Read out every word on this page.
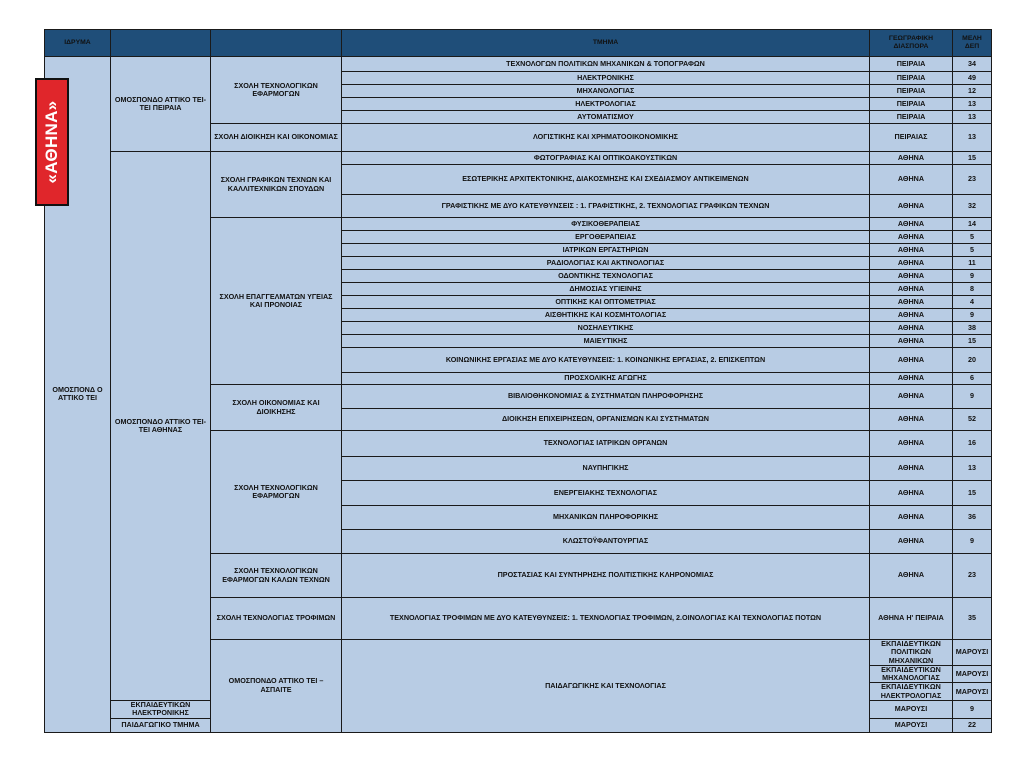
ΙΔΡΥΜΑ			ΤΜΗΜΑ	ΓΕΩΓΡΑΦΙΚΗ ΔΙΑΣΠΟΡΑ	ΜΕΛΗ ΔΕΠ	
ΟΜΟΣΠΟΝΔ Ο ΑΤΤΙΚΟ ΤΕΙ	ΟΜΟΣΠΟΝΔΟ ΑΤΤΙΚΟ ΤΕΙ- ΤΕΙ ΠΕΙΡΑΙΑ	ΣΧΟΛΗ ΤΕΧΝΟΛΟΓΙΚΩΝ ΕΦΑΡΜΟΓΩΝ	ΤΕΧΝΟΛΟΓΩΝ ΠΟΛΙΤΙΚΩΝ ΜΗΧΑΝΙΚΩΝ & ΤΟΠΟΓΡΑΦΩΝ	ΠΕΙΡΑΙΑ	34	
			ΗΛΕΚΤΡΟΝΙΚΗΣ	ΠΕΙΡΑΙΑ	49	
			ΜΗΧΑΝΟΛΟΓΙΑΣ	ΠΕΙΡΑΙΑ	12	
			ΗΛΕΚΤΡΟΛΟΓΙΑΣ	ΠΕΙΡΑΙΑ	13	
			ΑΥΤΟΜΑΤΙΣΜΟΥ	ΠΕΙΡΑΙΑ	13	
		ΣΧΟΛΗ ΔΙΟΙΚΗΣΗ ΚΑΙ ΟΙΚΟΝΟΜΙΑΣ	ΛΟΓΙΣΤΙΚΗΣ ΚΑΙ ΧΡΗΜΑΤΟΟΙΚΟΝΟΜΙΚΗΣ	ΠΕΙΡΑΙΑΣ	13	

	ΟΜΟΣΠΟΝΔΟ ΑΤΤΙΚΟ ΤΕΙ- ΤΕΙ ΑΘΗΝΑΣ	ΣΧΟΛΗ ΓΡΑΦΙΚΩΝ ΤΕΧΝΩΝ ΚΑΙ ΚΑΛΛΙΤΕΧΝΙΚΩΝ ΣΠΟΥΔΩΝ	ΦΩΤΟΓΡΑΦΙΑΣ ΚΑΙ ΟΠΤΙΚΟΑΚΟΥΣΤΙΚΩΝ	ΑΘΗΝΑ	15	
			ΕΣΩΤΕΡΙΚΗΣ ΑΡΧΙΤΕΚΤΟΝΙΚΗΣ, ΔΙΑΚΟΣΜΗΣΗΣ ΚΑΙ ΣΧΕΔΙΑΣΜΟΥ ΑΝΤΙΚΕΙΜΕΝΩΝ	ΑΘΗΝΑ	23	
			ΓΡΑΦΙΣΤΙΚΗΣ ΜΕ ΔΥΟ ΚΑΤΕΥΘΥΝΣΕΙΣ : 1. ΓΡΑΦΙΣΤΙΚΗΣ, 2. ΤΕΧΝΟΛΟΓΙΑΣ ΓΡΑΦΙΚΩΝ ΤΕΧΝΩΝ	ΑΘΗΝΑ	32	
		ΣΧΟΛΗ ΕΠΑΓΓΕΛΜΑΤΩΝ ΥΓΕΙΑΣ ΚΑΙ ΠΡΟΝΟΙΑΣ	ΦΥΣΙΚΟΘΕΡΑΠΕΙΑΣ	ΑΘΗΝΑ	14	
			ΕΡΓΟΘΕΡΑΠΕΙΑΣ	ΑΘΗΝΑ	5	
			ΙΑΤΡΙΚΩΝ ΕΡΓΑΣΤΗΡΙΩΝ	ΑΘΗΝΑ	5	
			ΡΑΔΙΟΛΟΓΙΑΣ ΚΑΙ ΑΚΤΙΝΟΛΟΓΙΑΣ	ΑΘΗΝΑ	11	
			ΟΔΟΝΤΙΚΗΣ ΤΕΧΝΟΛΟΓΙΑΣ	ΑΘΗΝΑ	9	
			ΔΗΜΟΣΙΑΣ ΥΓΙΕΙΝΗΣ	ΑΘΗΝΑ	8	
			ΟΠΤΙΚΗΣ ΚΑΙ ΟΠΤΟΜΕΤΡΙΑΣ	ΑΘΗΝΑ	4	
			ΑΙΣΘΗΤΙΚΗΣ ΚΑΙ ΚΟΣΜΗΤΟΛΟΓΙΑΣ	ΑΘΗΝΑ	9	
			ΝΟΣΗΛΕΥΤΙΚΗΣ	ΑΘΗΝΑ	38	
			ΜΑΙΕΥΤΙΚΗΣ	ΑΘΗΝΑ	15	
			ΚΟΙΝΩΝΙΚΗΣ ΕΡΓΑΣΙΑΣ ΜΕ ΔΥΟ ΚΑΤΕΥΘΥΝΣΕΙΣ: 1. ΚΟΙΝΩΝΙΚΗΣ ΕΡΓΑΣΙΑΣ, 2. ΕΠΙΣΚΕΠΤΩΝ	ΑΘΗΝΑ	20	
			ΠΡΟΣΧΟΛΙΚΗΣ ΑΓΩΓΗΣ	ΑΘΗΝΑ	6	
		ΣΧΟΛΗ ΟΙΚΟΝΟΜΙΑΣ ΚΑΙ ΔΙΟΙΚΗΣΗΣ	ΒΙΒΛΙΟΘΗΚΟΝΟΜΙΑΣ & ΣΥΣΤΗΜΑΤΩΝ ΠΛΗΡΟΦΟΡΗΣΗΣ	ΑΘΗΝΑ	9	
			ΔΙΟΙΚΗΣΗ ΕΠΙΧΕΙΡΗΣΕΩΝ, ΟΡΓΑΝΙΣΜΩΝ ΚΑΙ ΣΥΣΤΗΜΑΤΩΝ	ΑΘΗΝΑ	52	
		ΣΧΟΛΗ ΤΕΧΝΟΛΟΓΙΚΩΝ ΕΦΑΡΜΟΓΩΝ	ΤΕΧΝΟΛΟΓΙΑΣ ΙΑΤΡΙΚΩΝ ΟΡΓΑΝΩΝ	ΑΘΗΝΑ	16	
			ΝΑΥΠΗΓΙΚΗΣ	ΑΘΗΝΑ	13	
			ΕΝΕΡΓΕΙΑΚΗΣ ΤΕΧΝΟΛΟΓΙΑΣ	ΑΘΗΝΑ	15	
			ΜΗΧΑΝΙΚΩΝ ΠΛΗΡΟΦΟΡΙΚΗΣ	ΑΘΗΝΑ	36	
			ΚΛΩΣΤΟΫΦΑΝΤΟΥΡΓΙΑΣ	ΑΘΗΝΑ	9	
		ΣΧΟΛΗ ΤΕΧΝΟΛΟΓΙΚΩΝ ΕΦΑΡΜΟΓΩΝ ΚΑΛΩΝ ΤΕΧΝΩΝ	ΠΡΟΣΤΑΣΙΑΣ ΚΑΙ ΣΥΝΤΗΡΗΣΗΣ ΠΟΛΙΤΙΣΤΙΚΗΣ ΚΛΗΡΟΝΟΜΙΑΣ	ΑΘΗΝΑ	23	
		ΣΧΟΛΗ ΤΕΧΝΟΛΟΓΙΑΣ ΤΡΟΦΙΜΩΝ	ΤΕΧΝΟΛΟΓΙΑΣ ΤΡΟΦΙΜΩΝ ΜΕ ΔΥΟ ΚΑΤΕΥΘΥΝΣΕΙΣ: 1. ΤΕΧΝΟΛΟΓΙΑΣ ΤΡΟΦΙΜΩΝ, 2.ΟΙΝΟΛΟΓΙΑΣ ΚΑΙ ΤΕΧΝΟΛΟΓΙΑΣ ΠΟΤΩΝ	ΑΘΗΝΑ Η' ΠΕΙΡΑΙΑ	35	
		ΟΜΟΣΠΟΝΔΟ ΑΤΤΙΚΟ ΤΕΙ – ΑΣΠΑΙΤΕ	ΠΑΙΔΑΓΩΓΙΚΗΣ ΚΑΙ ΤΕΧΝΟΛΟΓΙΑΣ	ΕΚΠΑΙΔΕΥΤΙΚΩΝ ΠΟΛΙΤΙΚΩΝ ΜΗΧΑΝΙΚΩΝ	ΜΑΡΟΥΣΙ	
				ΕΚΠΑΙΔΕΥΤΙΚΩΝ ΜΗΧΑΝΟΛΟΓΙΑΣ	ΜΑΡΟΥΣΙ	
				ΕΚΠΑΙΔΕΥΤΙΚΩΝ ΗΛΕΚΤΡΟΛΟΓΙΑΣ	ΜΑΡΟΥΣΙ	
	ΕΚΠΑΙΔΕΥΤΙΚΩΝ ΗΛΕΚΤΡΟΝΙΚΗΣ			ΜΑΡΟΥΣΙ	9	
	ΠΑΙΔΑΓΩΓΙΚΟ ΤΜΗΜΑ			ΜΑΡΟΥΣΙ	22	
«ΑΘΗΝΑ»
